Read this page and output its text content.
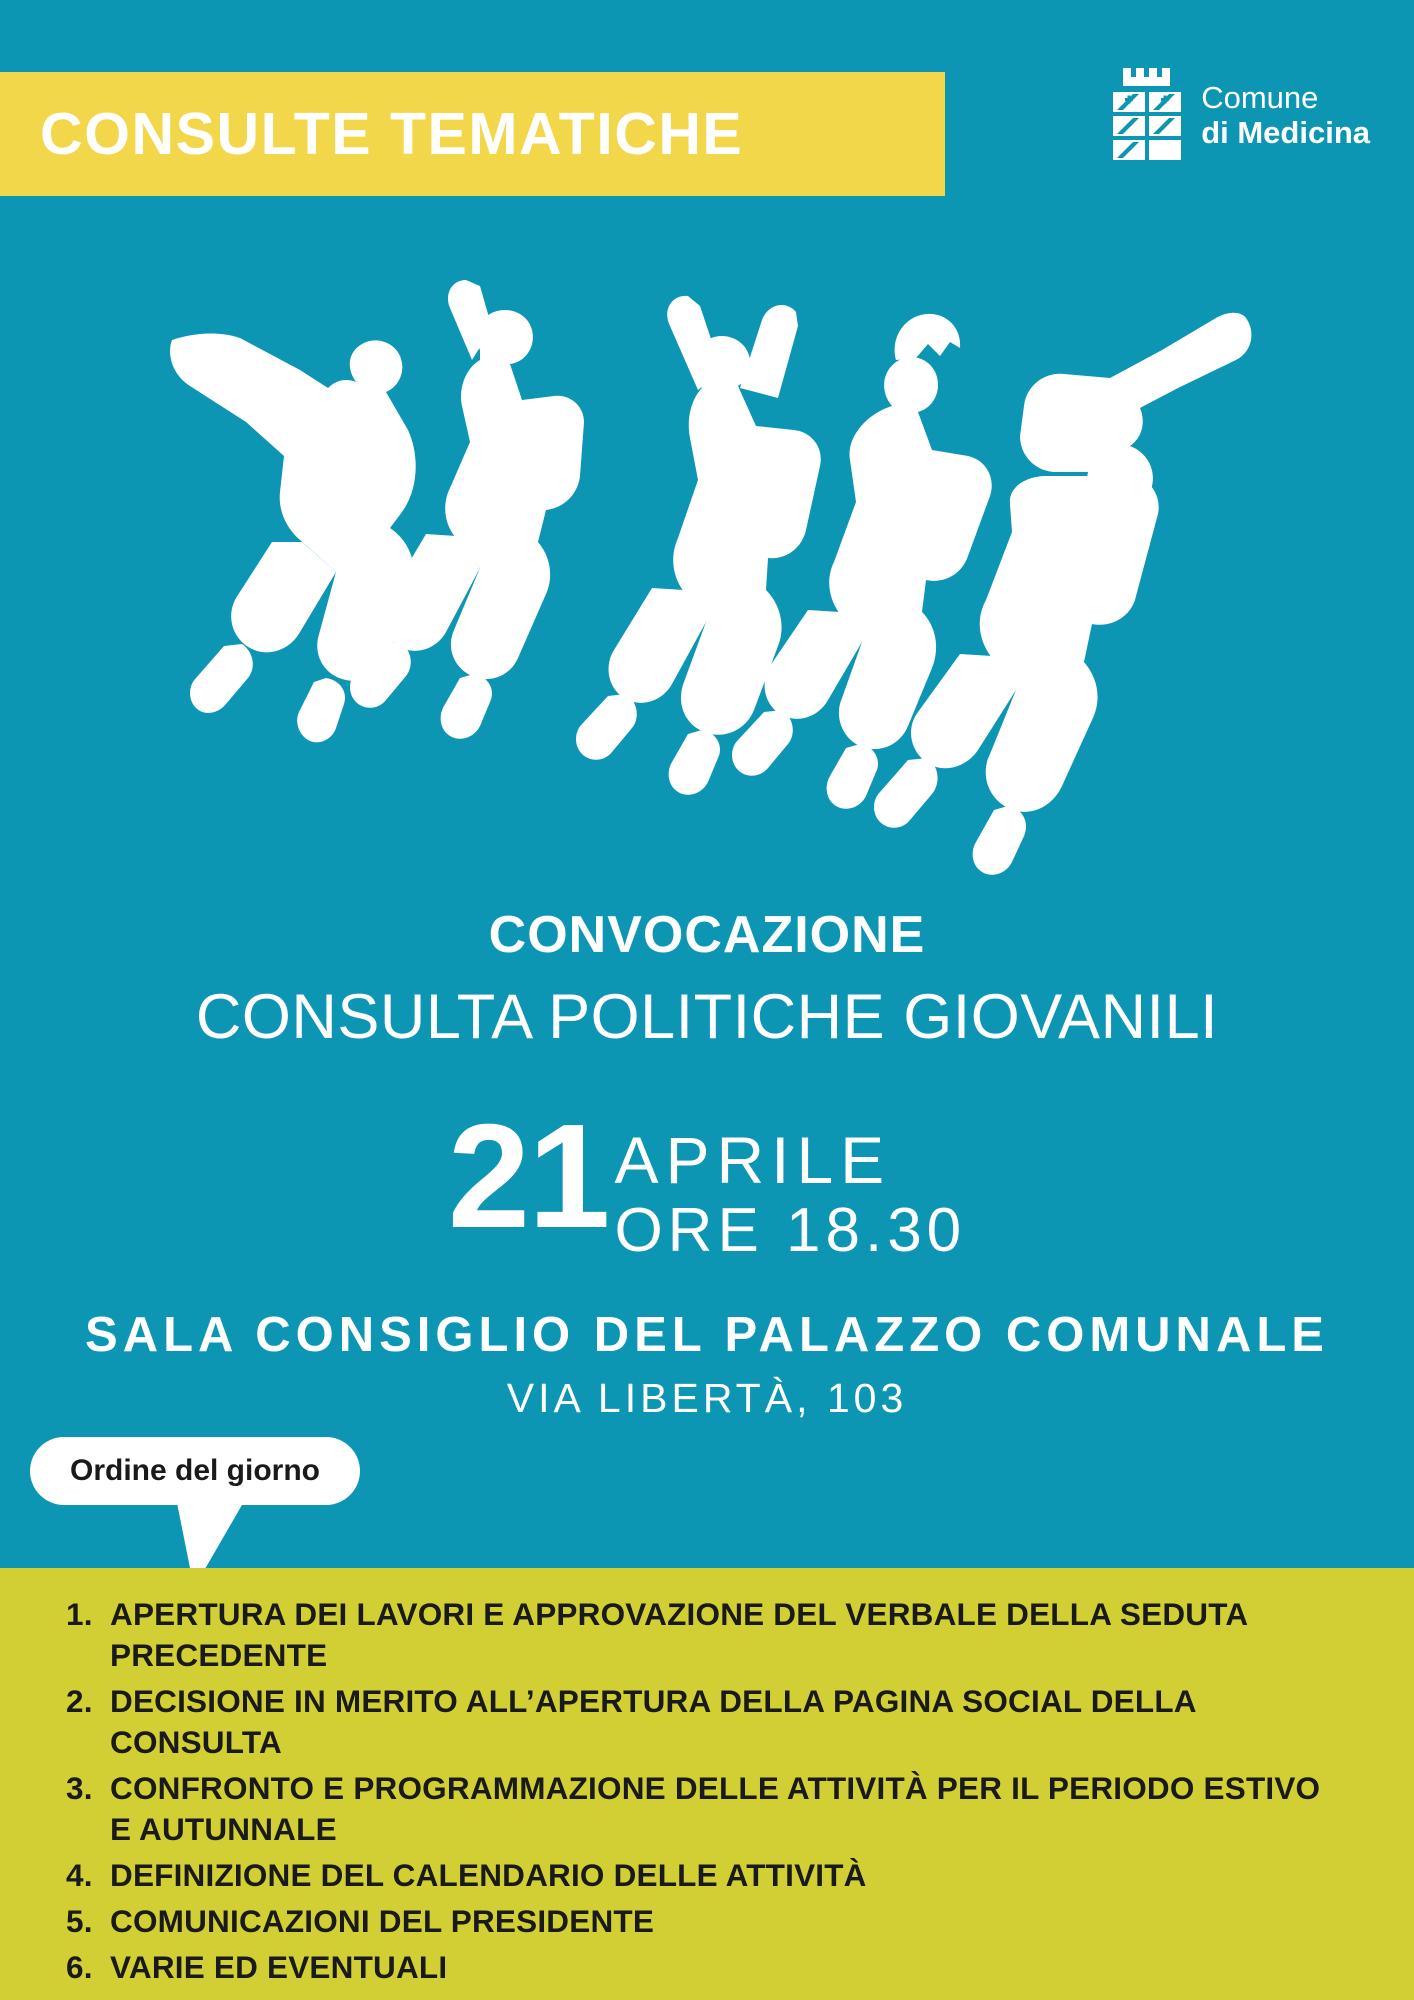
CONSULTE TEMATICHE
Comune
di Medicina
CONVOCAZIONE
CONSULTA POLITICHE GIOVANILI
21 APRILE
ORE 18.30
SALA CONSIGLIO DEL PALAZZO COMUNALE
VIA LIBERTÀ, 103
Ordine del giorno
1. APERTURA DEI LAVORI E APPROVAZIONE DEL VERBALE DELLA SEDUTA PRECEDENTE
2. DECISIONE IN MERITO ALL’APERTURA DELLA PAGINA SOCIAL DELLA CONSULTA
3. CONFRONTO E PROGRAMMAZIONE DELLE ATTIVITÀ PER IL PERIODO ESTIVO E AUTUNNALE
4. DEFINIZIONE DEL CALENDARIO DELLE ATTIVITÀ
5. COMUNICAZIONI DEL PRESIDENTE
6. VARIE ED EVENTUALI
